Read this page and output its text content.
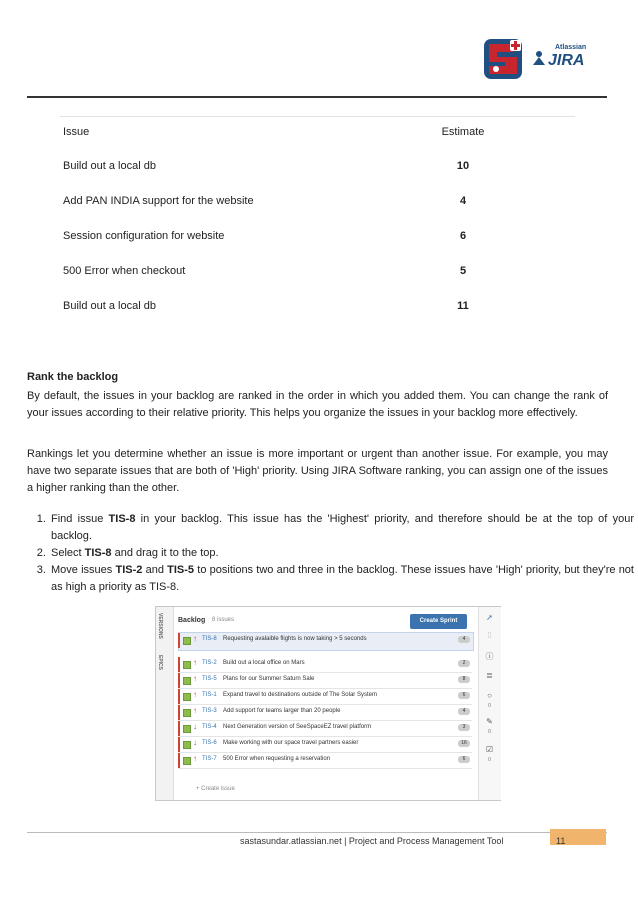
Atlassian
JIRA
Issue	Estimate
Build out a local db	10
Add PAN INDIA support for the website	4
Session configuration for website	6
500 Error when checkout	5
Build out a local db	11
Rank the backlog

By default, the issues in your backlog are ranked in the order in which you added them. You can change the rank of your issues according to their relative priority. This helps you organize the issues in your backlog more effectively.

Rankings let you determine whether an issue is more important or urgent than another issue. For example, you may have two separate issues that are both of 'High' priority. Using JIRA Software ranking, you can assign one of the issues a higher ranking than the other.

1. Find issue TIS-8 in your backlog. This issue has the 'Highest' priority, and therefore should be at the top of your backlog.
2. Select TIS-8 and drag it to the top.
3. Move issues TIS-2 and TIS-5 to positions two and three in the backlog. These issues have 'High' priority, but they're not as high a priority as TIS-8.
VERSIONS
EPICS
Backlog 8 issues	Create Sprint
↑ TIS-8 Requesting avalaible flights is now taking > 5 seconds	4
↑ TIS-2 Build out a local office on Mars	2
↑ TIS-5 Plans for our Summer Saturn Sale	8
↑ TIS-1 Expand travel to destinations outside of The Solar System	6
↑ TIS-3 Add support for teams larger than 20 people	4
↓ TIS-4 Next Generation version of SeeSpaceEZ travel platform	3
↓ TIS-6 Make working with our space travel partners easier	16
↑ TIS-7 500 Error when requesting a reservation	6
+ Create issue
➚
⁞⁞
ⓘ
≣
○
0
✎
0
☑
0
sastasundar.atlassian.net | Project and Process Management Tool	11
